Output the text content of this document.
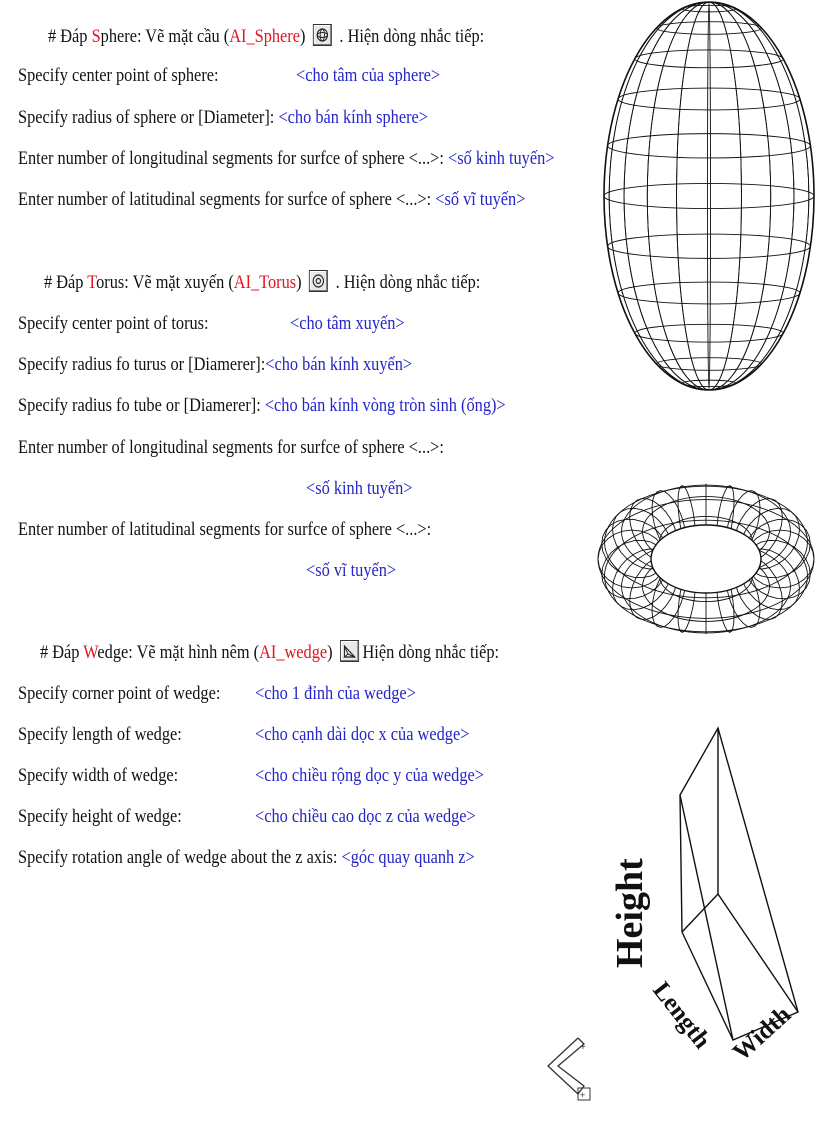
# Đáp Sphere: Vẽ mặt cầu (AI_Sphere) . Hiện dòng nhắc tiếp:
Specify center point of sphere:	<cho tâm của sphere>
Specify radius of sphere or [Diameter]: <cho bán kính sphere>
Enter number of longitudinal segments for surfce of sphere <...>: <số kinh tuyến>
Enter number of latitudinal segments for surfce of sphere <...>: <số vĩ tuyến>
# Đáp Torus: Vẽ mặt xuyến (AI_Torus) . Hiện dòng nhắc tiếp:
Specify center point of torus:	<cho tâm xuyến>
Specify radius fo turus or [Diamerer]:<cho bán kính xuyến>
Specify radius fo tube or [Diamerer]: <cho bán kính vòng tròn sinh (ống)>
Enter number of longitudinal segments for surfce of sphere <...>:
<số kinh tuyến>
Enter number of latitudinal segments for surfce of sphere <...>:
<số vĩ tuyến>
# Đáp Wedge: Vẽ mặt hình nêm (AI_wedge) Hiện dòng nhắc tiếp:
Specify corner point of wedge: <cho 1 đỉnh của wedge>
Specify length of wedge:	<cho cạnh dài dọc x của wedge>
Specify width of wedge:	<cho chiều rộng dọc y của wedge>
Specify height of wedge:	<cho chiều cao dọc z của wedge>
Specify rotation angle of wedge about the z axis: <góc quay quanh z>
Height
Length Width
+
+
